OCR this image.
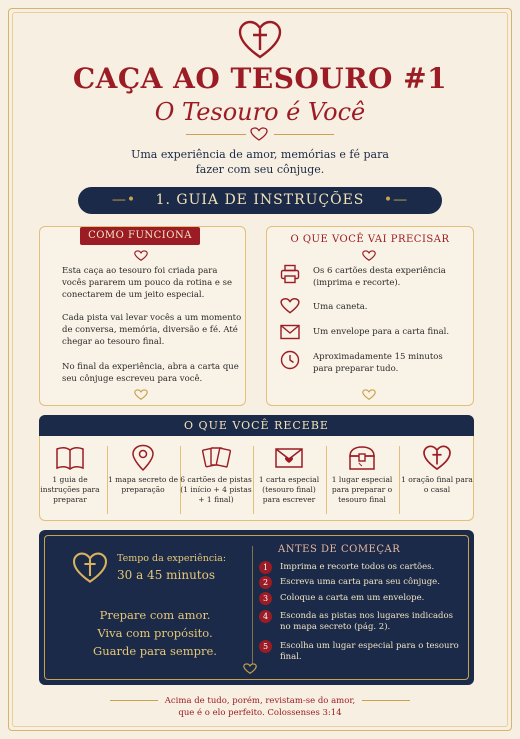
CAÇA AO TESOURO #1
O Tesouro é Você
Uma experiência de amor, memórias e fé para fazer com seu cônjuge.
—• 1. GUIA DE INSTRUÇÕES •—
COMO FUNCIONA
Esta caça ao tesouro foi criada para vocês pararem um pouco da rotina e se conectarem de um jeito especial.
Cada pista vai levar vocês a um momento de conversa, memória, diversão e fé. Até chegar ao tesouro final.
No final da experiência, abra a carta que seu cônjuge escreveu para você.
O QUE VOCÊ VAI PRECISAR
Os 6 cartões desta experiência (imprima e recorte).
Uma caneta.
Um envelope para a carta final.
Aproximadamente 15 minutos para preparar tudo.
O QUE VOCÊ RECEBE
1 guia de instruções para preparar
1 mapa secreto de preparação
6 cartões de pistas (1 início + 4 pistas + 1 final)
1 carta especial (tesouro final) para escrever
1 lugar especial para preparar o tesouro final
1 oração final para o casal
Tempo da experiência:
30 a 45 minutos
Prepare com amor.
Viva com propósito.
Guarde para sempre.
ANTES DE COMEÇAR
1	Imprima e recorte todos os cartões.
2	Escreva uma carta para seu cônjuge.
3	Coloque a carta em um envelope.
4	Esconda as pistas nos lugares indicados no mapa secreto (pág. 2).
5	Escolha um lugar especial para o tesouro final.
Acima de tudo, porém, revistam-se do amor,
que é o elo perfeito. Colossenses 3:14
